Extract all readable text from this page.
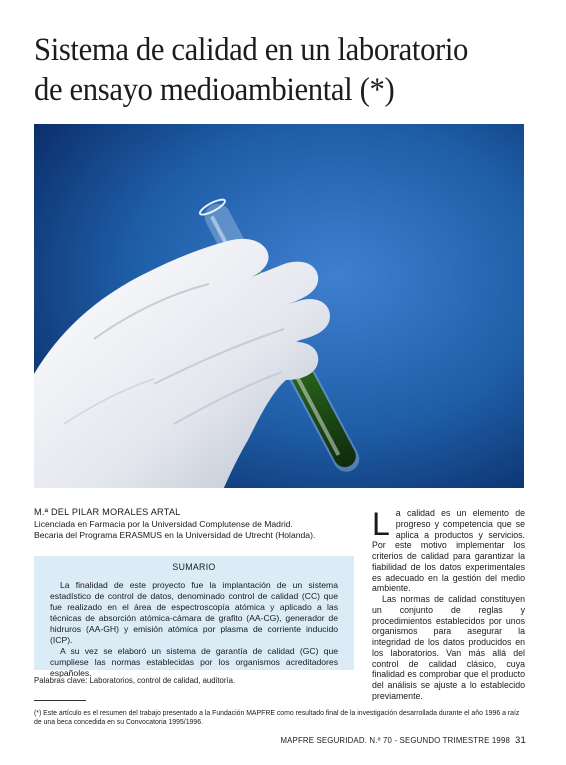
Sistema de calidad en un laboratorio
de ensayo medioambiental (*)
M.ª DEL PILAR MORALES ARTAL
Licenciada en Farmacia por la Universidad Complutense de Madrid.
Becaria del Programa ERASMUS en la Universidad de Utrecht (Holanda).
SUMARIO

La finalidad de este proyecto fue la implantación de un sistema estadístico de control de datos, denominado control de calidad (CC) que fue realizado en el área de espectroscopía atómica y aplicado a las técnicas de absorción atómica-cámara de grafito (AA-CG), generador de hidruros (AA-GH) y emisión atómica por plasma de corriente inducido (ICP).

A su vez se elaboró un sistema de garantía de calidad (GC) que cumpliese las normas establecidas por los organismos acreditadores españoles.

Palabras clave: Laboratorios, control de calidad, auditoría.

La calidad es un elemento de progreso y competencia que se aplica a productos y servicios. Por este motivo implementar los criterios de calidad para garantizar la fiabilidad de los datos experimentales es adecuado en la gestión del medio ambiente.

Las normas de calidad constituyen un conjunto de reglas y procedimientos establecidos por unos organismos para asegurar la integridad de los datos producidos en los laboratorios. Van más allá del control de calidad clásico, cuya finalidad es comprobar que el producto del análisis se ajuste a lo establecido previamente.

(*) Este artículo es el resumen del trabajo presentado a la Fundación MAPFRE como resultado final de la investigación desarrollada durante el año 1996 a raíz de una beca concedida en su Convocatoria 1995/1996.
MAPFRE SEGURIDAD. N.º 70 - SEGUNDO TRIMESTRE 1998 31
